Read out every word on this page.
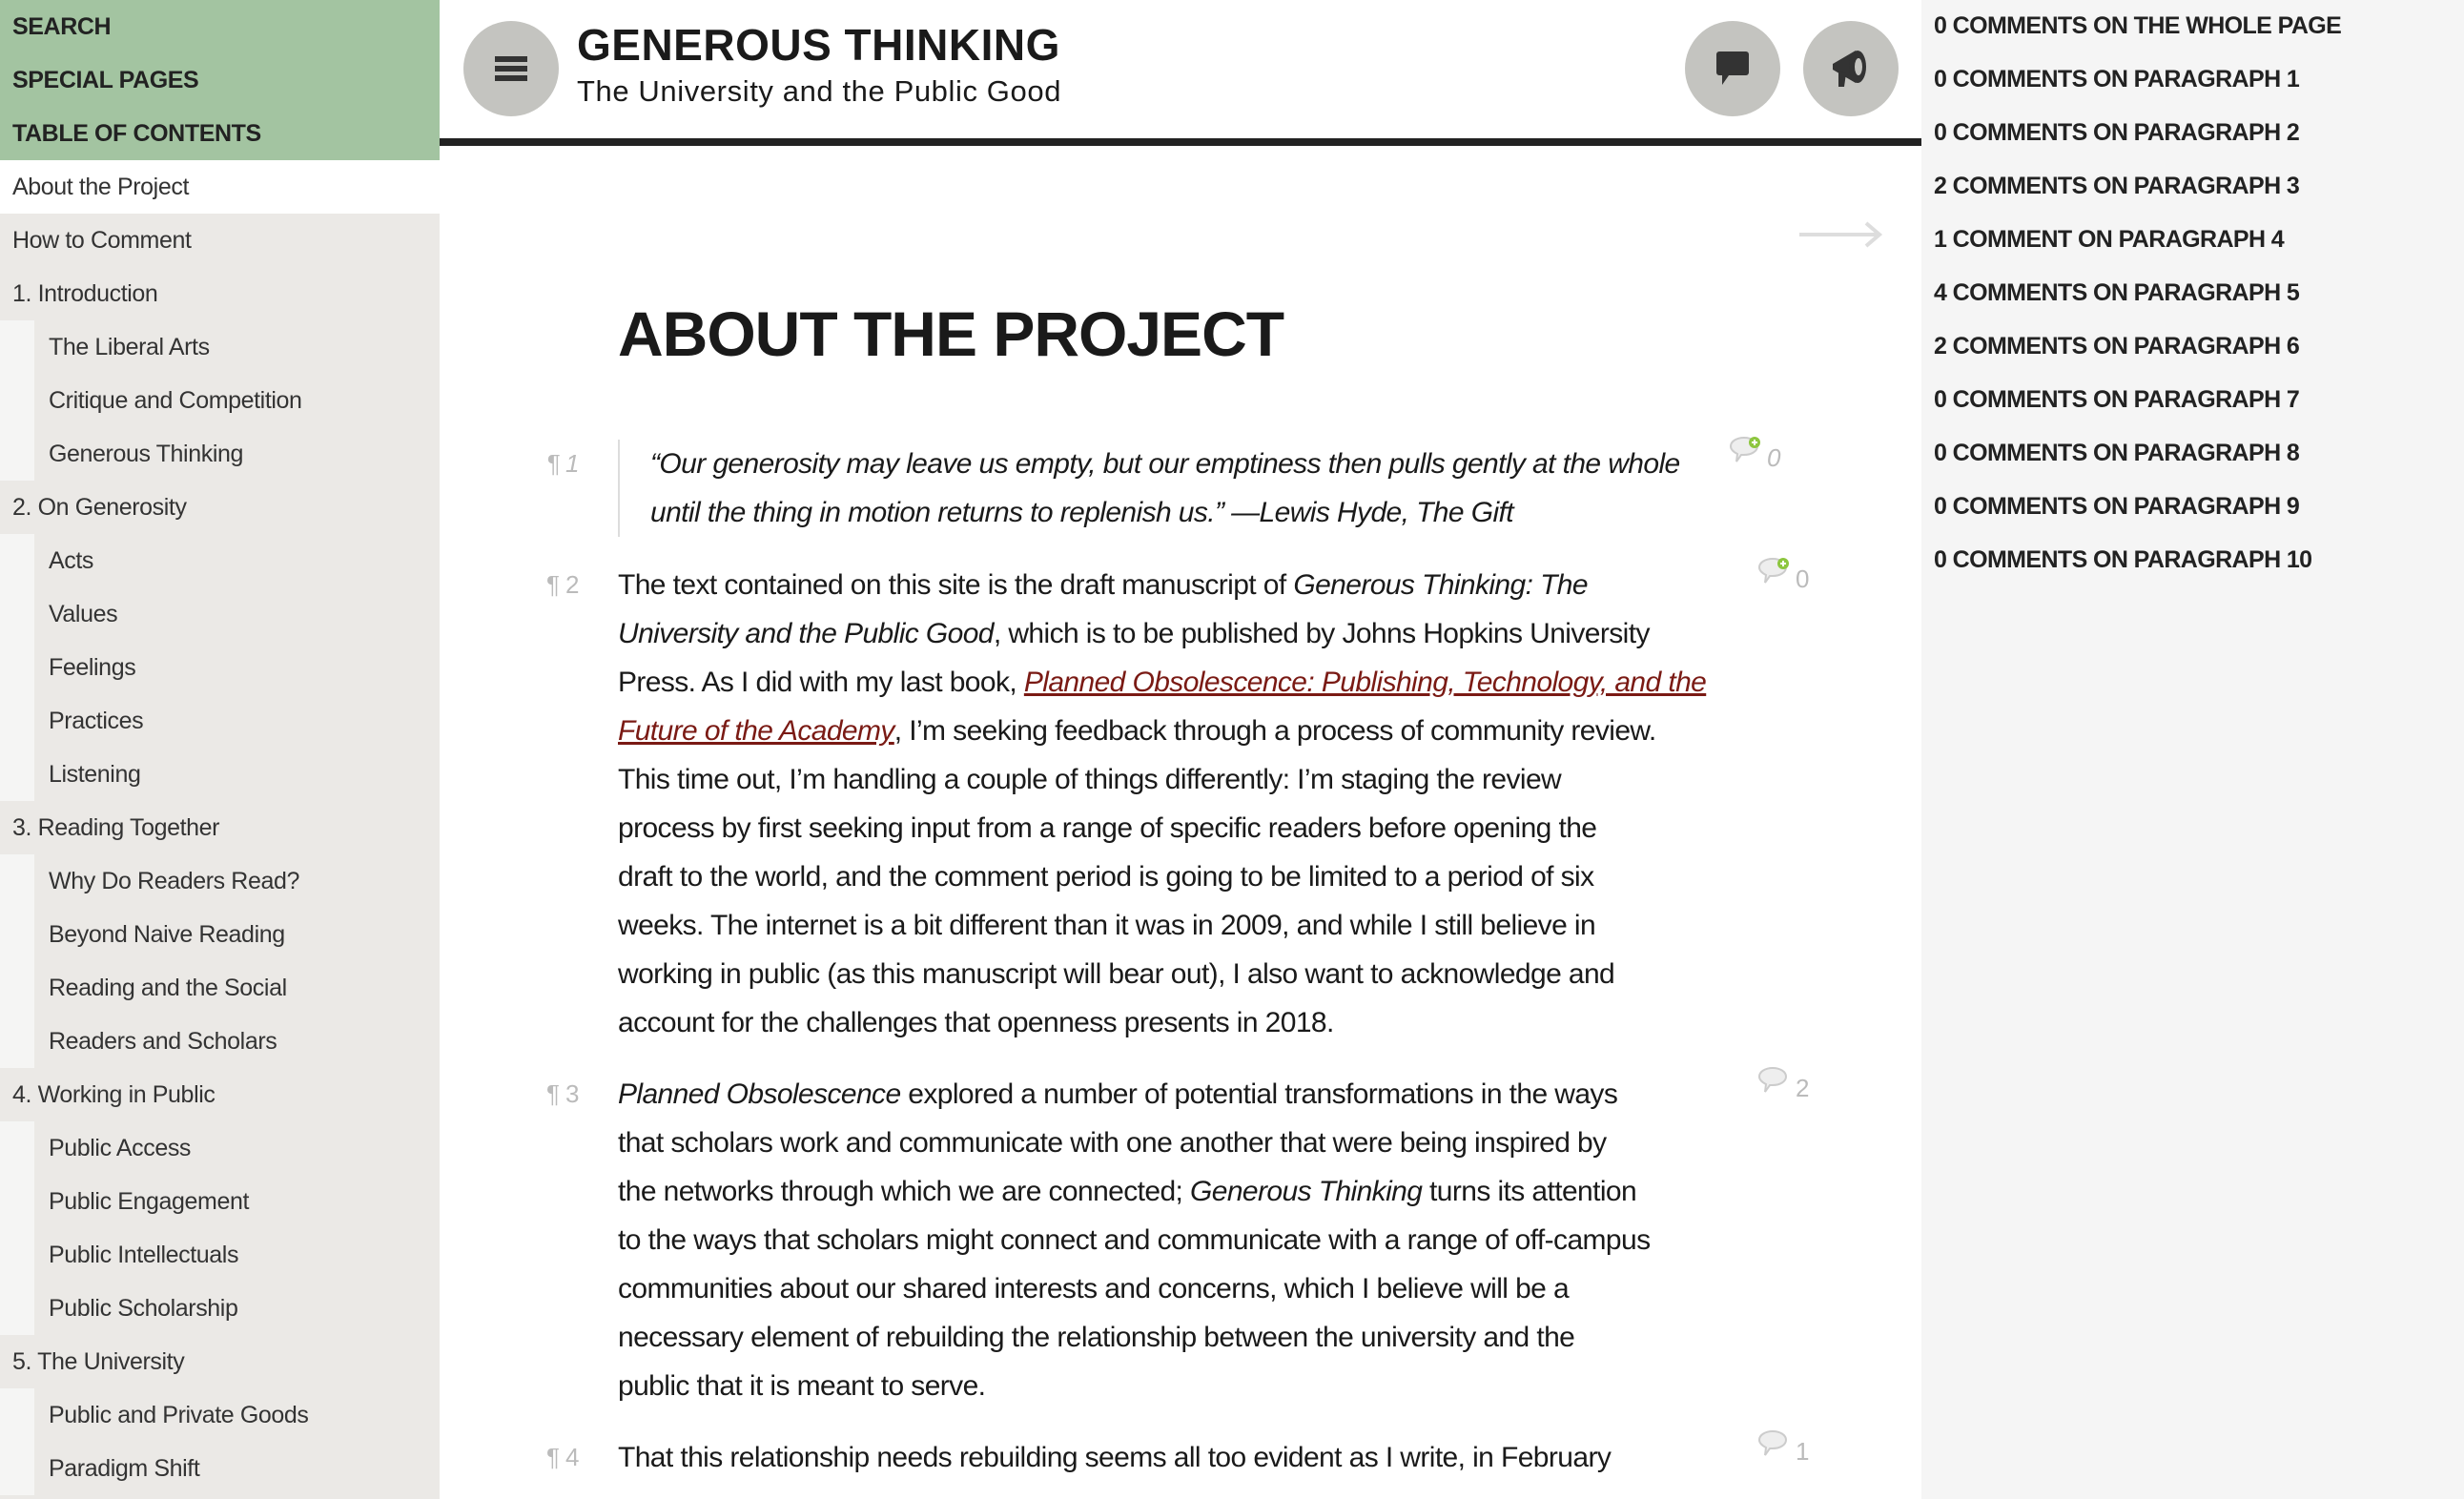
SEARCH
SPECIAL PAGES
TABLE OF CONTENTS
About the Project
How to Comment
1. Introduction
The Liberal Arts
Critique and Competition
Generous Thinking
2. On Generosity
Acts
Values
Feelings
Practices
Listening
3. Reading Together
Why Do Readers Read?
Beyond Naive Reading
Reading and the Social
Readers and Scholars
4. Working in Public
Public Access
Public Engagement
Public Intellectuals
Public Scholarship
5. The University
Public and Private Goods
Paradigm Shift
GENEROUS THINKING
The University and the Public Good
0 COMMENTS ON THE WHOLE PAGE
0 COMMENTS ON PARAGRAPH 1
0 COMMENTS ON PARAGRAPH 2
2 COMMENTS ON PARAGRAPH 3
1 COMMENT ON PARAGRAPH 4
4 COMMENTS ON PARAGRAPH 5
2 COMMENTS ON PARAGRAPH 6
0 COMMENTS ON PARAGRAPH 7
0 COMMENTS ON PARAGRAPH 8
0 COMMENTS ON PARAGRAPH 9
0 COMMENTS ON PARAGRAPH 10
ABOUT THE PROJECT
¶ 1	“Our generosity may leave us empty, but our emptiness then pulls gently at the whole
until the thing in motion returns to replenish us.” —Lewis Hyde, The Gift
0
¶ 2 The text contained on this site is the draft manuscript of Generous Thinking: The
University and the Public Good, which is to be published by Johns Hopkins University
Press. As I did with my last book, Planned Obsolescence: Publishing, Technology, and the
Future of the Academy, I’m seeking feedback through a process of community review.
This time out, I’m handling a couple of things differently: I’m staging the review
process by first seeking input from a range of specific readers before opening the
draft to the world, and the comment period is going to be limited to a period of six
weeks. The internet is a bit different than it was in 2009, and while I still believe in
working in public (as this manuscript will bear out), I also want to acknowledge and
account for the challenges that openness presents in 2018.
0
¶ 3 Planned Obsolescence explored a number of potential transformations in the ways
that scholars work and communicate with one another that were being inspired by
the networks through which we are connected; Generous Thinking turns its attention
to the ways that scholars might connect and communicate with a range of off-campus
communities about our shared interests and concerns, which I believe will be a
necessary element of rebuilding the relationship between the university and the
public that it is meant to serve.
2
¶ 4 That this relationship needs rebuilding seems all too evident as I write, in February	1
